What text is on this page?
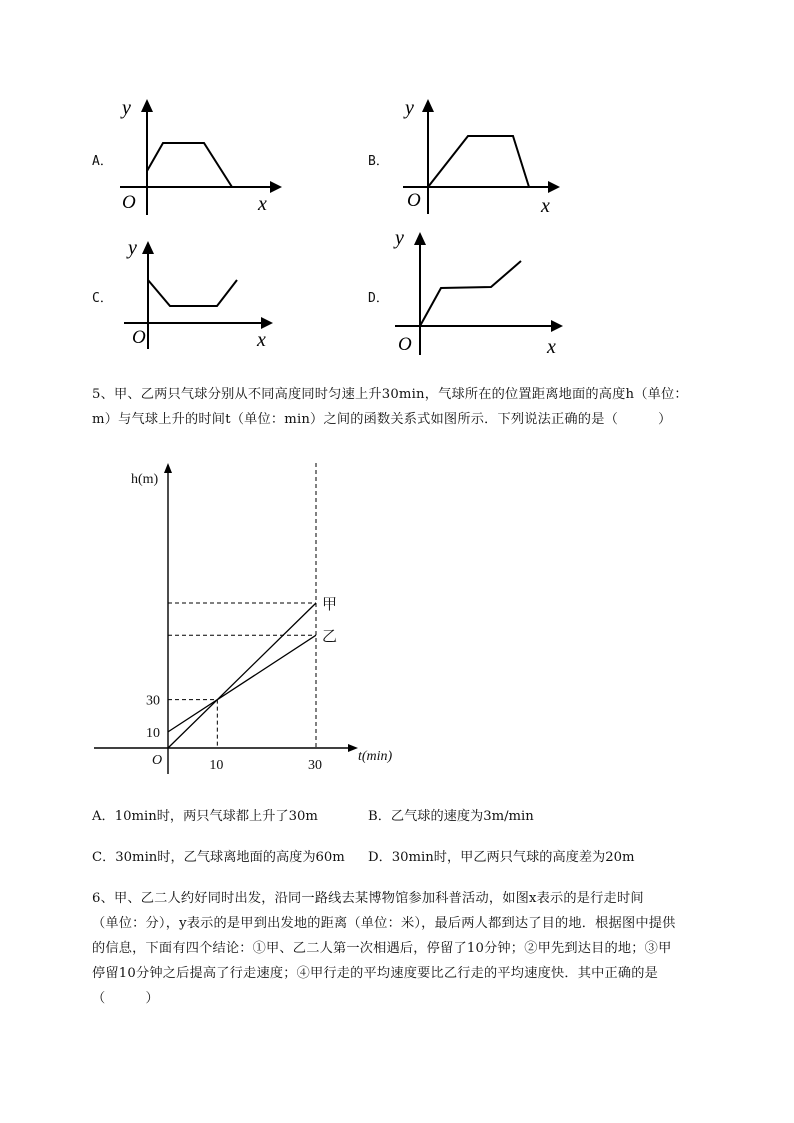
A．
y
x
O
B．
y
x
O
C．
y
x
O
D．
y
x
O
5、甲、乙两只气球分别从不同高度同时匀速上升30min，气球所在的位置距离地面的高度h（单位：
m）与气球上升的时间t（单位：min）之间的函数关系式如图所示．下列说法正确的是（　　　）
甲
乙
10	30
10
30
O
h(m)
t(min)
A．10min时，两只气球都上升了30m	B．乙气球的速度为3m/min
C．30min时，乙气球离地面的高度为60m D．30min时，甲乙两只气球的高度差为20m
6、甲、乙二人约好同时出发，沿同一路线去某博物馆参加科普活动，如图x表示的是行走时间
（单位：分），y表示的是甲到出发地的距离（单位：米），最后两人都到达了目的地．根据图中提供
的信息，下面有四个结论：①甲、乙二人第一次相遇后，停留了10分钟；②甲先到达目的地；③甲
停留10分钟之后提高了行走速度；④甲行走的平均速度要比乙行走的平均速度快．其中正确的是
（　　　）
